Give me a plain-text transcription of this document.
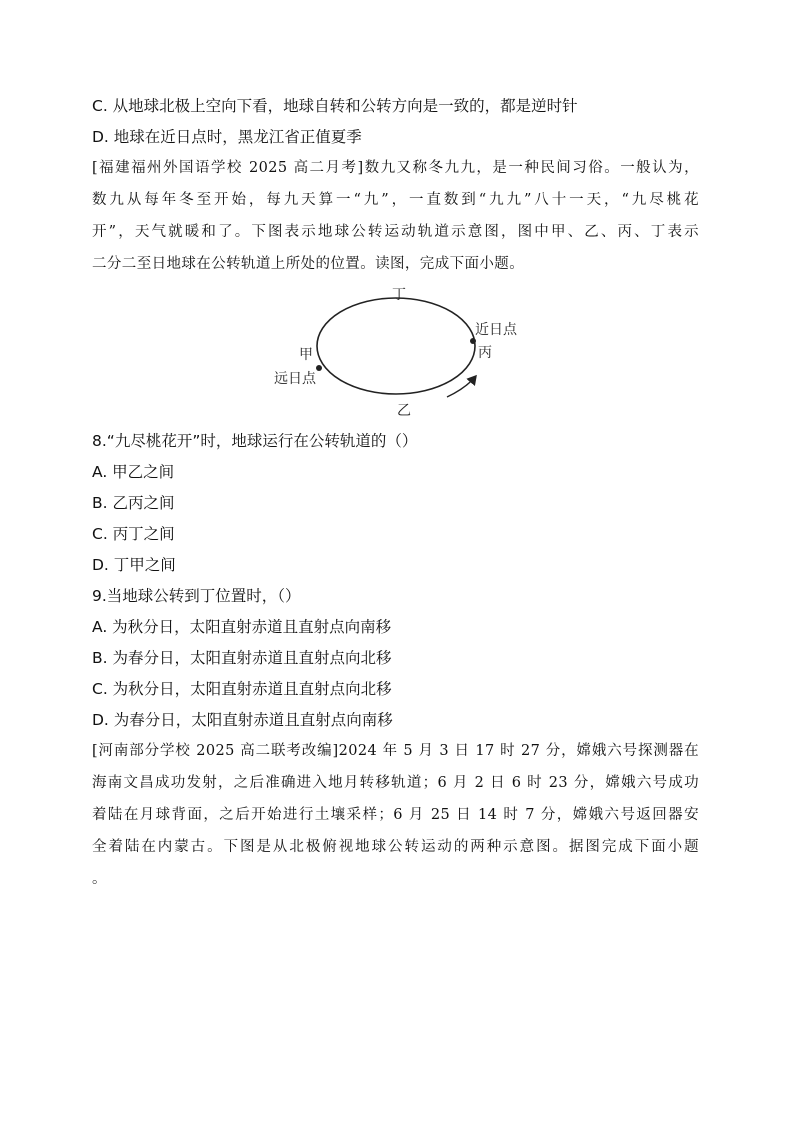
C. 从地球北极上空向下看，地球自转和公转方向是一致的，都是逆时针
D. 地球在近日点时，黑龙江省正值夏季
[福建福州外国语学校 2025 高二月考]数九又称冬九九，是一种民间习俗。一般认为，
数九从每年冬至开始，每九天算一“九”，一直数到“九九”八十一天，“九尽桃花
开”，天气就暖和了。下图表示地球公转运动轨道示意图，图中甲、乙、丙、丁表示
二分二至日地球在公转轨道上所处的位置。读图，完成下面小题。
丁
近日点
丙
甲
远日点
乙
8.“九尽桃花开”时，地球运行在公转轨道的（）
A. 甲乙之间
B. 乙丙之间
C. 丙丁之间
D. 丁甲之间
9.当地球公转到丁位置时，（）
A. 为秋分日，太阳直射赤道且直射点向南移
B. 为春分日，太阳直射赤道且直射点向北移
C. 为秋分日，太阳直射赤道且直射点向北移
D. 为春分日，太阳直射赤道且直射点向南移
[河南部分学校 2025 高二联考改编]2024 年 5 月 3 日 17 时 27 分，嫦娥六号探测器在
海南文昌成功发射，之后准确进入地月转移轨道；6 月 2 日 6 时 23 分，嫦娥六号成功
着陆在月球背面，之后开始进行土壤采样；6 月 25 日 14 时 7 分，嫦娥六号返回器安
全着陆在内蒙古。下图是从北极俯视地球公转运动的两种示意图。据图完成下面小题
。
